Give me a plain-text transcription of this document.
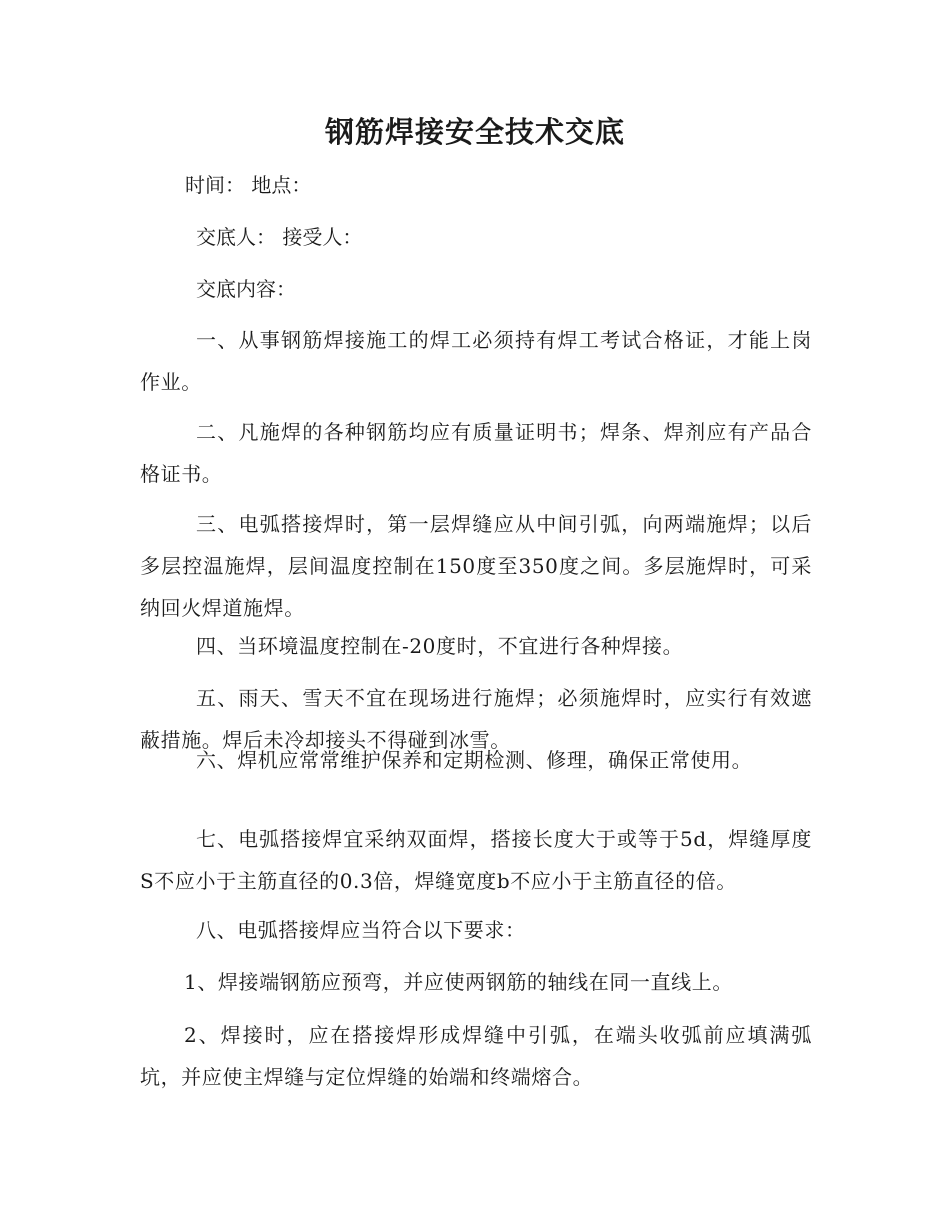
钢筋焊接安全技术交底
时间： 地点：
交底人： 接受人：
交底内容：
一、从事钢筋焊接施工的焊工必须持有焊工考试合格证，才能上岗作业。
二、凡施焊的各种钢筋均应有质量证明书；焊条、焊剂应有产品合格证书。
三、电弧搭接焊时，第一层焊缝应从中间引弧，向两端施焊；以后多层控温施焊，层间温度控制在150度至350度之间。多层施焊时，可采纳回火焊道施焊。
四、当环境温度控制在-20度时，不宜进行各种焊接。
五、雨天、雪天不宜在现场进行施焊；必须施焊时，应实行有效遮蔽措施。焊后未冷却接头不得碰到冰雪。
六、焊机应常常维护保养和定期检测、修理，确保正常使用。
七、电弧搭接焊宜采纳双面焊，搭接长度大于或等于5d，焊缝厚度S不应小于主筋直径的0.3倍，焊缝宽度b不应小于主筋直径的倍。
八、电弧搭接焊应当符合以下要求：
1、焊接端钢筋应预弯，并应使两钢筋的轴线在同一直线上。
2、焊接时，应在搭接焊形成焊缝中引弧，在端头收弧前应填满弧坑，并应使主焊缝与定位焊缝的始端和终端熔合。
